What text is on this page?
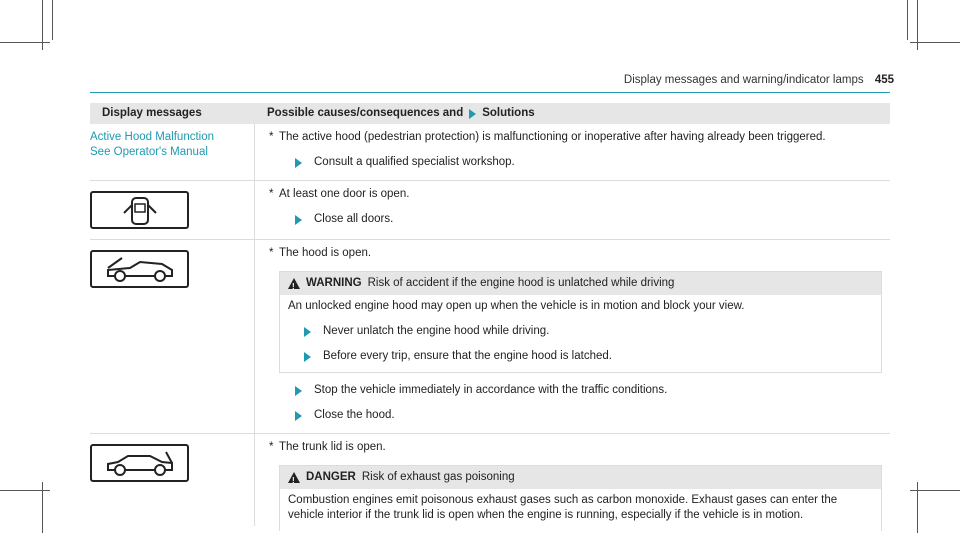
Display messages and warning/indicator lamps 455
Display messages	Possible causes/consequences and Solutions
Active Hood Malfunction
See Operator's Manual
* The active hood (pedestrian protection) is malfunctioning or inoperative after having already been triggered.
Consult a qualified specialist workshop.
* At least one door is open.
Close all doors.
* The hood is open.
!
WARNING Risk of accident if the engine hood is unlatched while driving
An unlocked engine hood may open up when the vehicle is in motion and block your view.
Never unlatch the engine hood while driving.
Before every trip, ensure that the engine hood is latched.
Stop the vehicle immediately in accordance with the traffic conditions.
Close the hood.
* The trunk lid is open.
!
DANGER Risk of exhaust gas poisoning
Combustion engines emit poisonous exhaust gases such as carbon monoxide. Exhaust gases can enter the vehicle interior if the trunk lid is open when the engine is running, especially if the vehicle is in motion.
